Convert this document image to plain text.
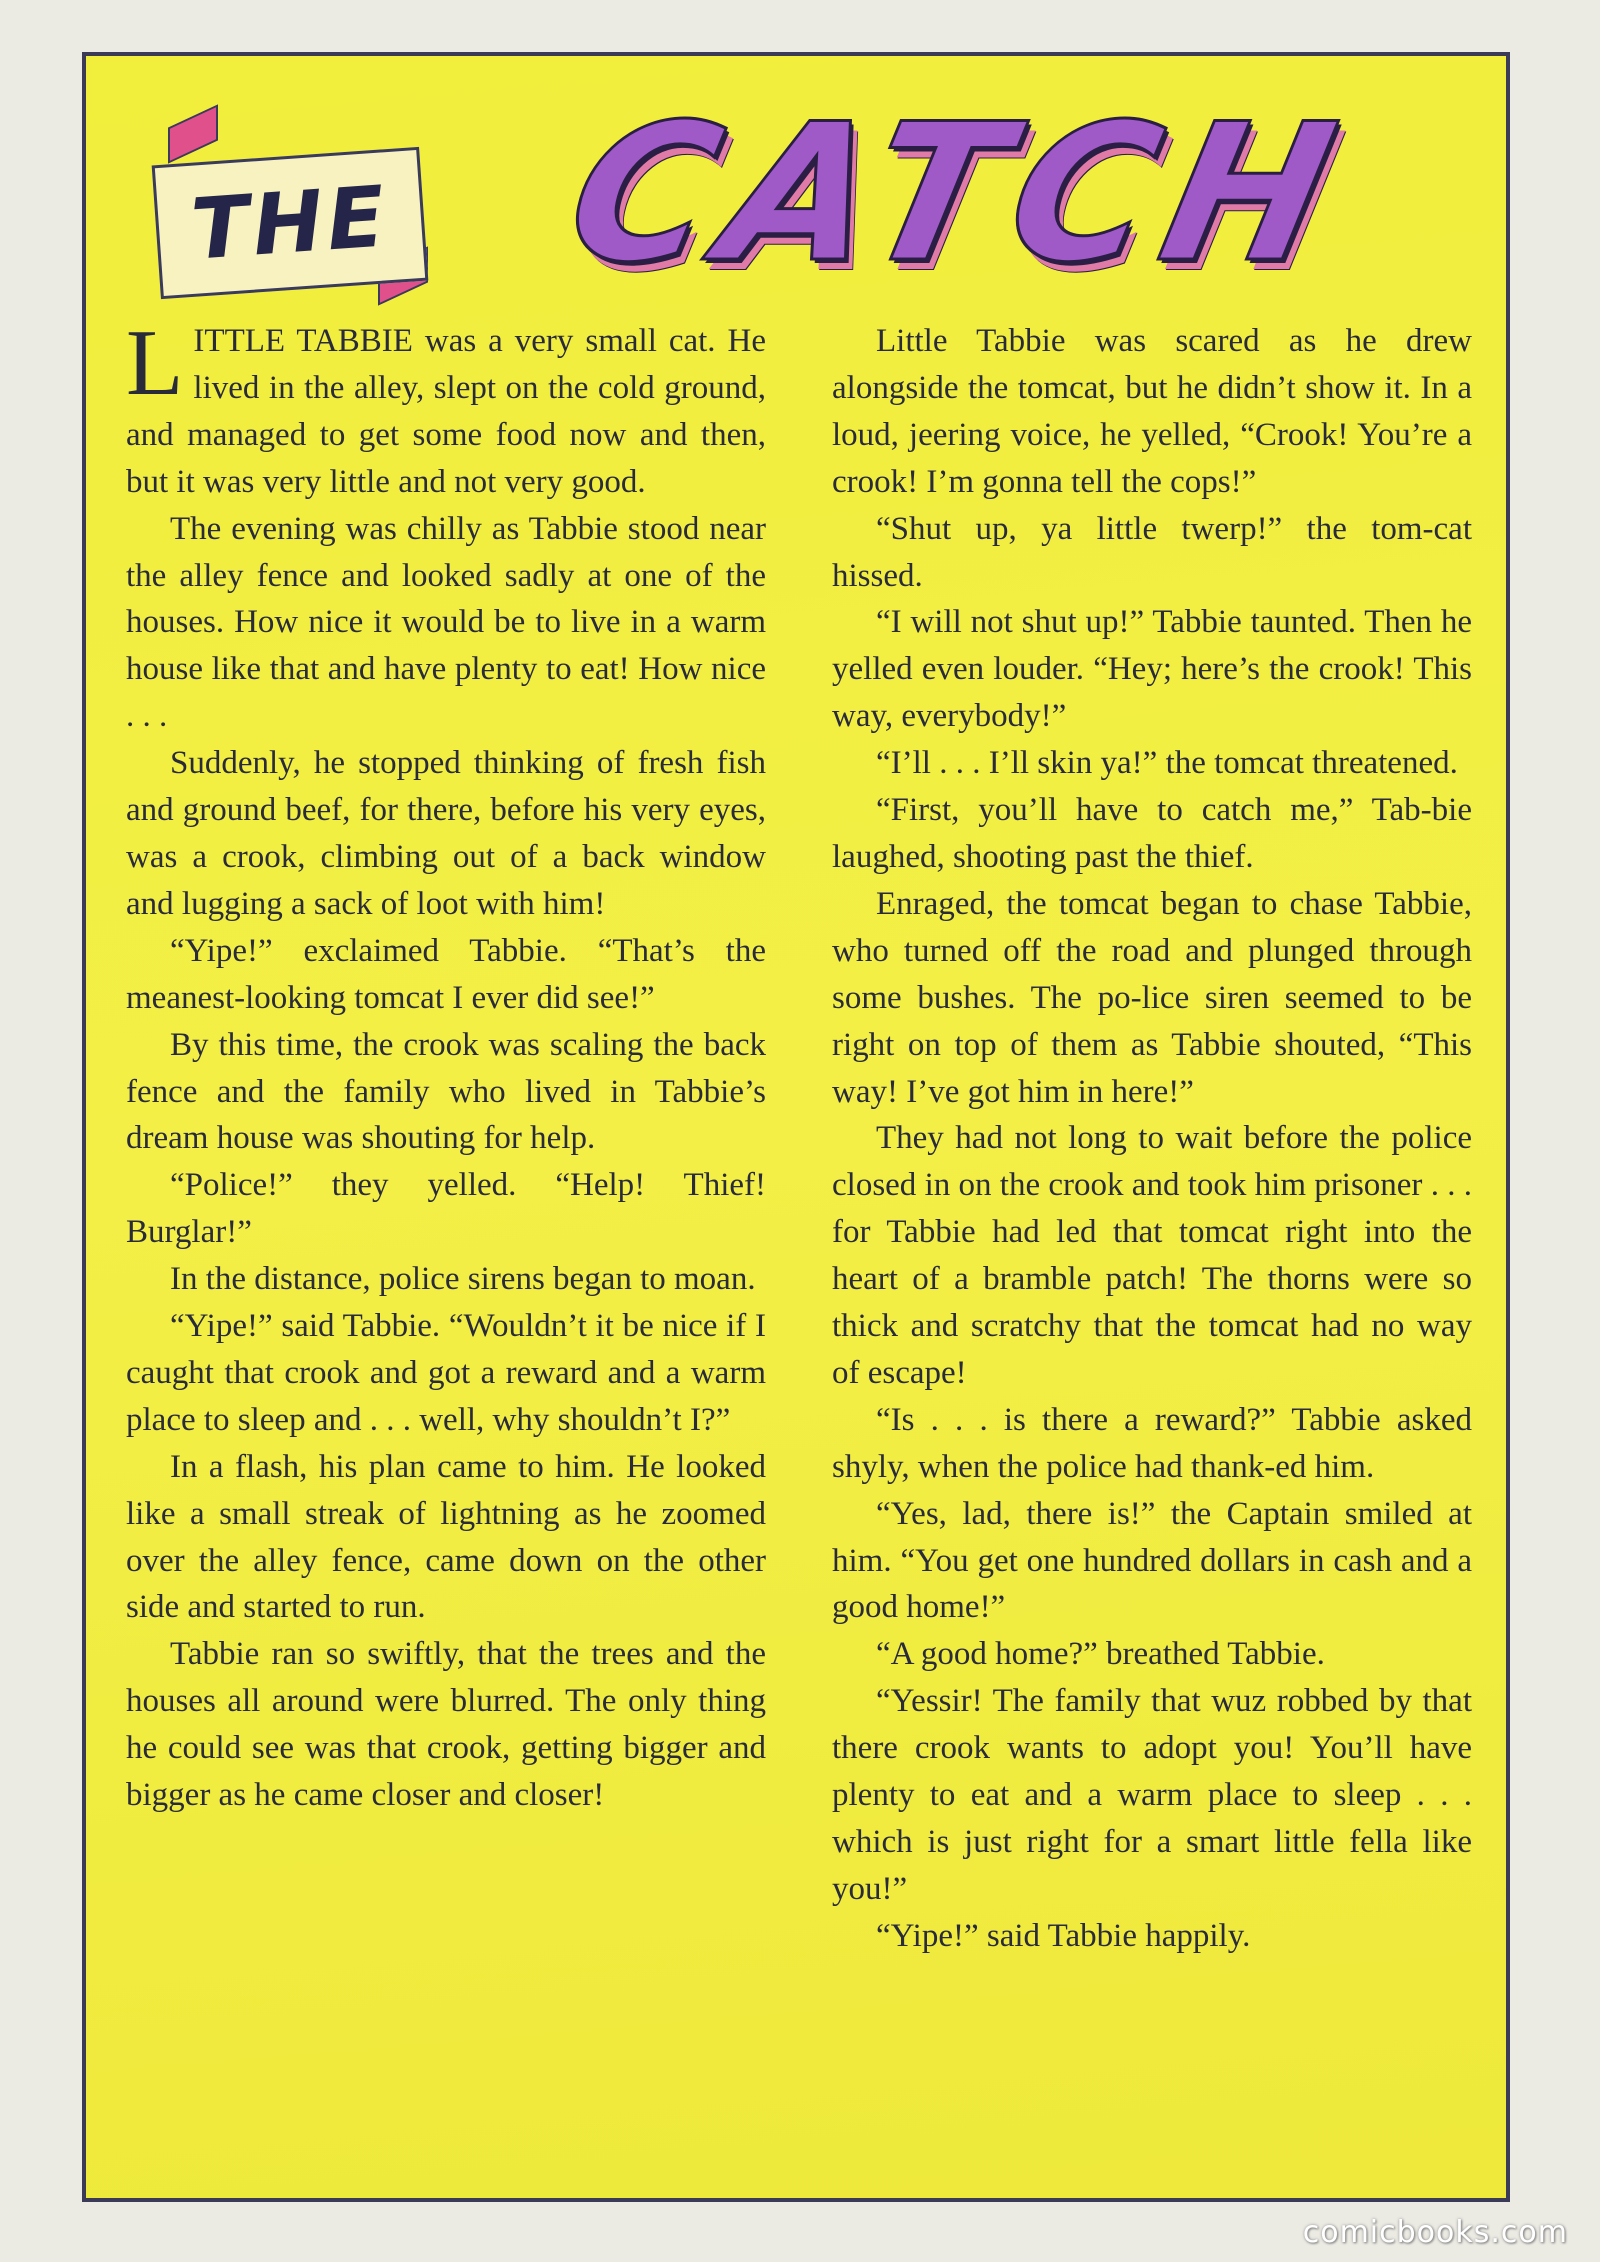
THE CATCH

LITTLE TABBIE was a very small cat. He lived in the alley, slept on the cold ground, and managed to get some food now and then, but it was very little and not very good.

The evening was chilly as Tabbie stood near the alley fence and looked sadly at one of the houses. How nice it would be to live in a warm house like that and have plenty to eat! How nice . . .

Suddenly, he stopped thinking of fresh fish and ground beef, for there, before his very eyes, was a crook, climbing out of a back window and lugging a sack of loot with him!

“Yipe!” exclaimed Tabbie. “That’s the meanest-looking tomcat I ever did see!”

By this time, the crook was scaling the back fence and the family who lived in Tabbie’s dream house was shouting for help.

“Police!” they yelled. “Help! Thief! Burglar!”

In the distance, police sirens began to moan.

“Yipe!” said Tabbie. “Wouldn’t it be nice if I caught that crook and got a reward and a warm place to sleep and . . . well, why shouldn’t I?”

In a flash, his plan came to him. He looked like a small streak of lightning as he zoomed over the alley fence, came down on the other side and started to run.

Tabbie ran so swiftly, that the trees and the houses all around were blurred. The only thing he could see was that crook, getting bigger and bigger as he came closer and closer!

Little Tabbie was scared as he drew alongside the tomcat, but he didn’t show it. In a loud, jeering voice, he yelled, “Crook! You’re a crook! I’m gonna tell the cops!”

“Shut up, ya little twerp!” the tom-cat hissed.

“I will not shut up!” Tabbie taunted. Then he yelled even louder. “Hey; here’s the crook! This way, everybody!”

“I’ll . . . I’ll skin ya!” the tomcat threatened.

“First, you’ll have to catch me,” Tab-bie laughed, shooting past the thief.

Enraged, the tomcat began to chase Tabbie, who turned off the road and plunged through some bushes. The po-lice siren seemed to be right on top of them as Tabbie shouted, “This way! I’ve got him in here!”

They had not long to wait before the police closed in on the crook and took him prisoner . . . for Tabbie had led that tomcat right into the heart of a bramble patch! The thorns were so thick and scratchy that the tomcat had no way of escape!

“Is . . . is there a reward?” Tabbie asked shyly, when the police had thank-ed him.

“Yes, lad, there is!” the Captain smiled at him. “You get one hundred dollars in cash and a good home!”

“A good home?” breathed Tabbie.

“Yessir! The family that wuz robbed by that there crook wants to adopt you! You’ll have plenty to eat and a warm place to sleep . . . which is just right for a smart little fella like you!”

“Yipe!” said Tabbie happily.

comicbooks.com
